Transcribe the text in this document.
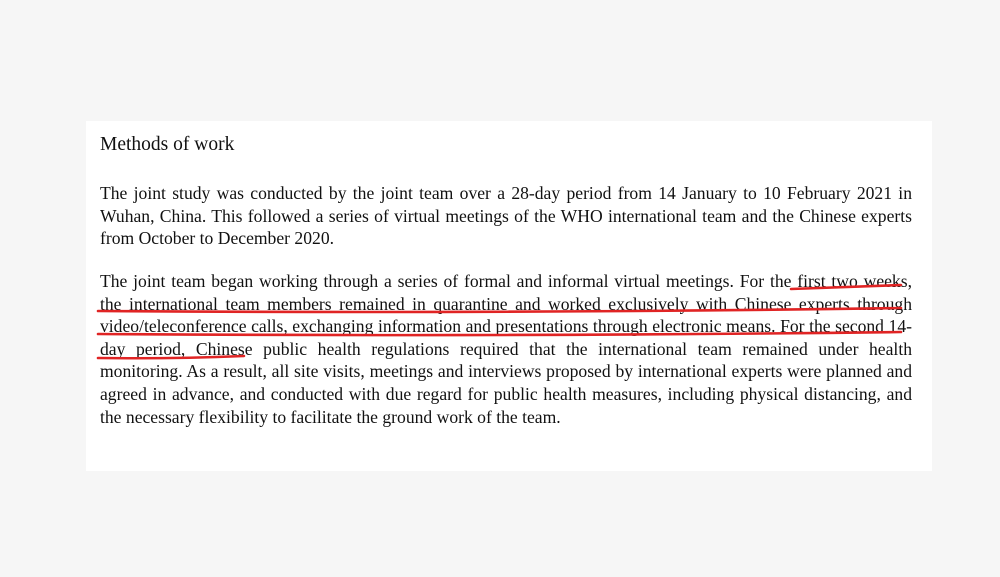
Methods of work

The joint study was conducted by the joint team over a 28-day period from 14 January to 10 February 2021 in Wuhan, China. This followed a series of virtual meetings of the WHO international team and the Chinese experts from October to December 2020.

The joint team began working through a series of formal and informal virtual meetings. For the first two weeks, the international team members remained in quarantine and worked exclusively with Chinese experts through video/teleconference calls, exchanging information and presentations through electronic means. For the second 14-day period, Chinese public health regulations required that the international team remained under health monitoring. As a result, all site visits, meetings and interviews proposed by international experts were planned and agreed in advance, and conducted with due regard for public health measures, including physical distancing, and the necessary flexibility to facilitate the ground work of the team.
